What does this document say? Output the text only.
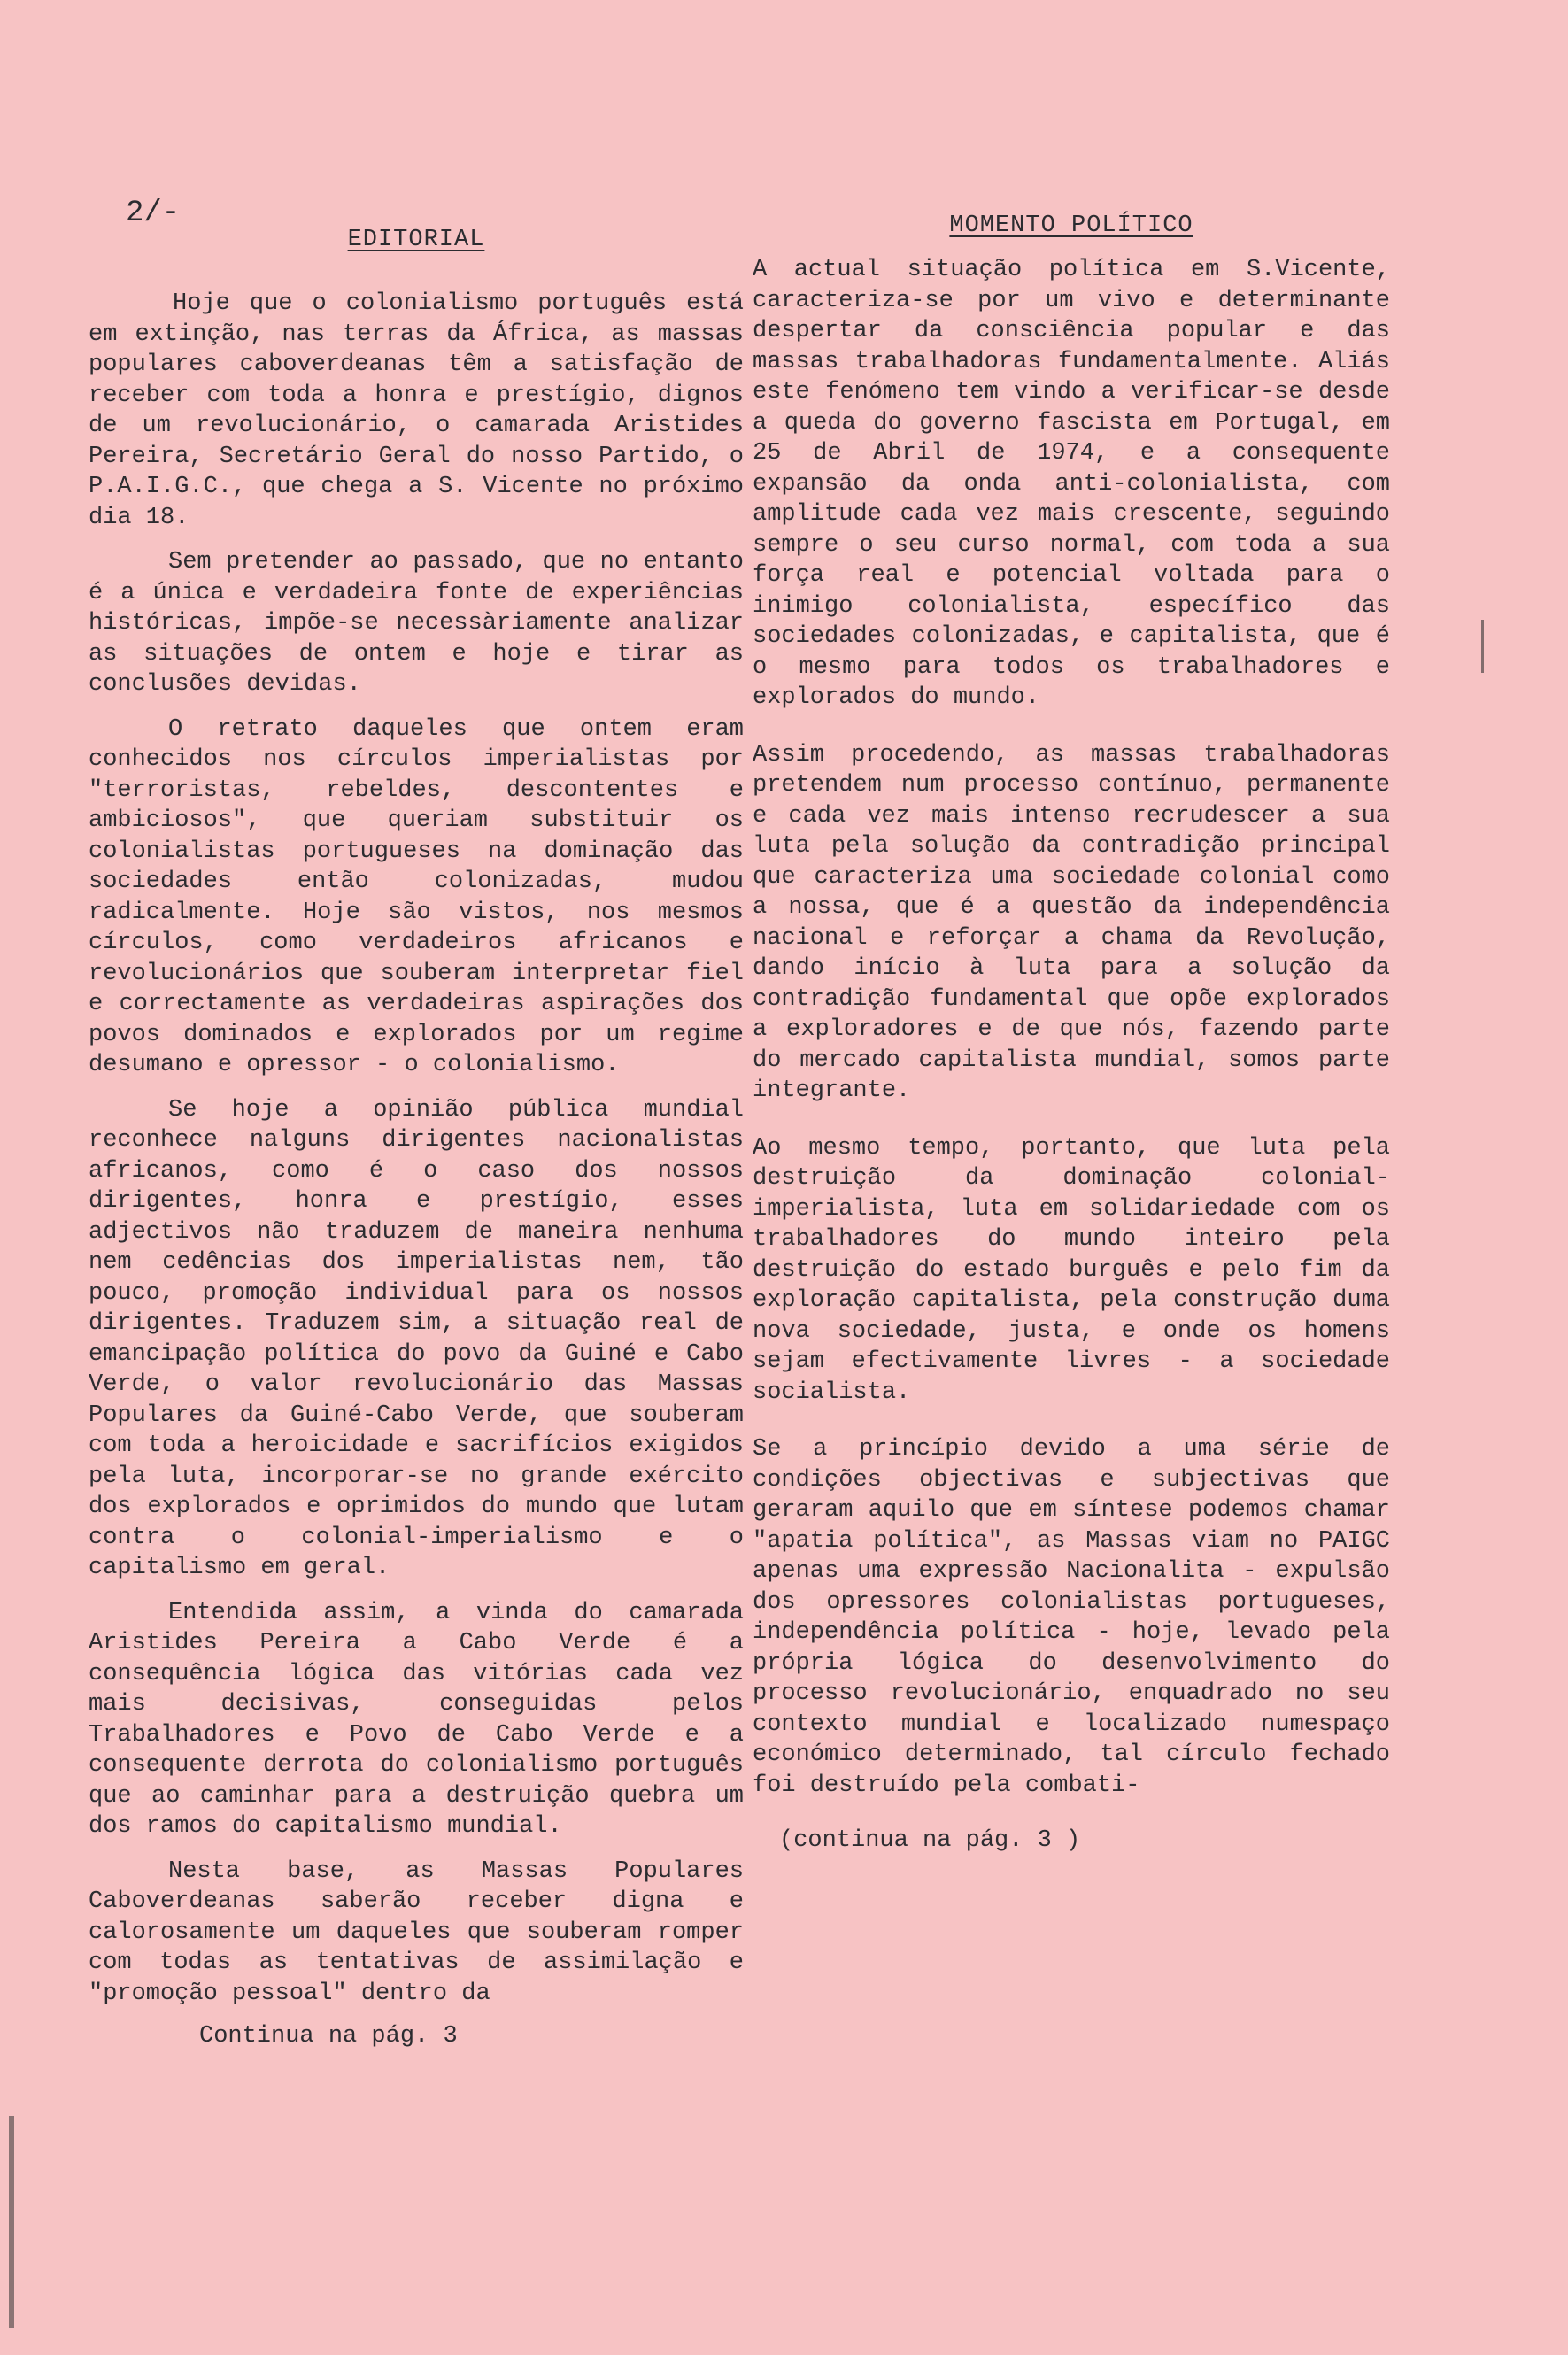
2/-
EDITORIAL

Hoje que o colonialismo português está em extinção, nas terras da África, as massas populares caboverdeanas têm a satisfação de receber com toda a honra e prestígio, dignos de um revolucionário, o camarada Aristides Pereira, Secretário Geral do nosso Partido, o P.A.I.G.C., que chega a S. Vicente no próximo dia 18.

Sem pretender ao passado, que no entanto é a única e verdadeira fonte de experiências históricas, impõe-se necessàriamente analizar as situações de ontem e hoje e tirar as conclusões devidas.

O retrato daqueles que ontem eram conhecidos nos círculos imperialistas por "terroristas, rebeldes, descontentes e ambiciosos", que queriam substituir os colonialistas portugueses na dominação das sociedades então colonizadas, mudou radicalmente. Hoje são vistos, nos mesmos círculos, como verdadeiros africanos e revolucionários que souberam interpretar fiel e correctamente as verdadeiras aspirações dos povos dominados e explorados por um regime desumano e opressor - o colonialismo.

Se hoje a opinião pública mundial reconhece nalguns dirigentes nacionalistas africanos, como é o caso dos nossos dirigentes, honra e prestígio, esses adjectivos não traduzem de maneira nenhuma nem cedências dos imperialistas nem, tão pouco, promoção individual para os nossos dirigentes. Traduzem sim, a situação real de emancipação política do povo da Guiné e Cabo Verde, o valor revolucionário das Massas Populares da Guiné-Cabo Verde, que souberam com toda a heroicidade e sacrifícios exigidos pela luta, incorporar-se no grande exército dos explorados e oprimidos do mundo que lutam contra o colonial-imperialismo e o capitalismo em geral.

Entendida assim, a vinda do camarada Aristides Pereira a Cabo Verde é a consequência lógica das vitórias cada vez mais decisivas, conseguidas pelos Trabalhadores e Povo de Cabo Verde e a consequente derrota do colonialismo português que ao caminhar para a destruição quebra um dos ramos do capitalismo mundial.

Nesta base, as Massas Populares Caboverdeanas saberão receber digna e calorosamente um daqueles que souberam romper com todas as tentativas de assimilação e "promoção pessoal" dentro da

Continua na pág. 3
MOMENTO POLÍTICO

A actual situação política em S.Vicente, caracteriza-se por um vivo e determinante despertar da consciência popular e das massas trabalhadoras fundamentalmente. Aliás este fenómeno tem vindo a verificar-se desde a queda do governo fascista em Portugal, em 25 de Abril de 1974, e a consequente expansão da onda anti-colonialista, com amplitude cada vez mais crescente, seguindo sempre o seu curso normal, com toda a sua força real e potencial voltada para o inimigo colonialista, específico das sociedades colonizadas, e capitalista, que é o mesmo para todos os trabalhadores e explorados do mundo.

Assim procedendo, as massas trabalhadoras pretendem num processo contínuo, permanente e cada vez mais intenso recrudescer a sua luta pela solução da contradição principal que caracteriza uma sociedade colonial como a nossa, que é a questão da independência nacional e reforçar a chama da Revolução, dando início à luta para a solução da contradição fundamental que opõe explorados a exploradores e de que nós, fazendo parte do mercado capitalista mundial, somos parte integrante.

Ao mesmo tempo, portanto, que luta pela destruição da dominação colonial-imperialista, luta em solidariedade com os trabalhadores do mundo inteiro pela destruição do estado burguês e pelo fim da exploração capitalista, pela construção duma nova sociedade, justa, e onde os homens sejam efectivamente livres - a sociedade socialista.

Se a princípio devido a uma série de condições objectivas e subjectivas que geraram aquilo que em síntese podemos chamar "apatia política", as Massas viam no PAIGC apenas uma expressão Nacionalita - expulsão dos opressores colonialistas portugueses, independência política - hoje, levado pela própria lógica do desenvolvimento do processo revolucionário, enquadrado no seu contexto mundial e localizado numespaço económico determinado, tal círculo fechado foi destruído pela combati-

(continua na pág. 3 )
